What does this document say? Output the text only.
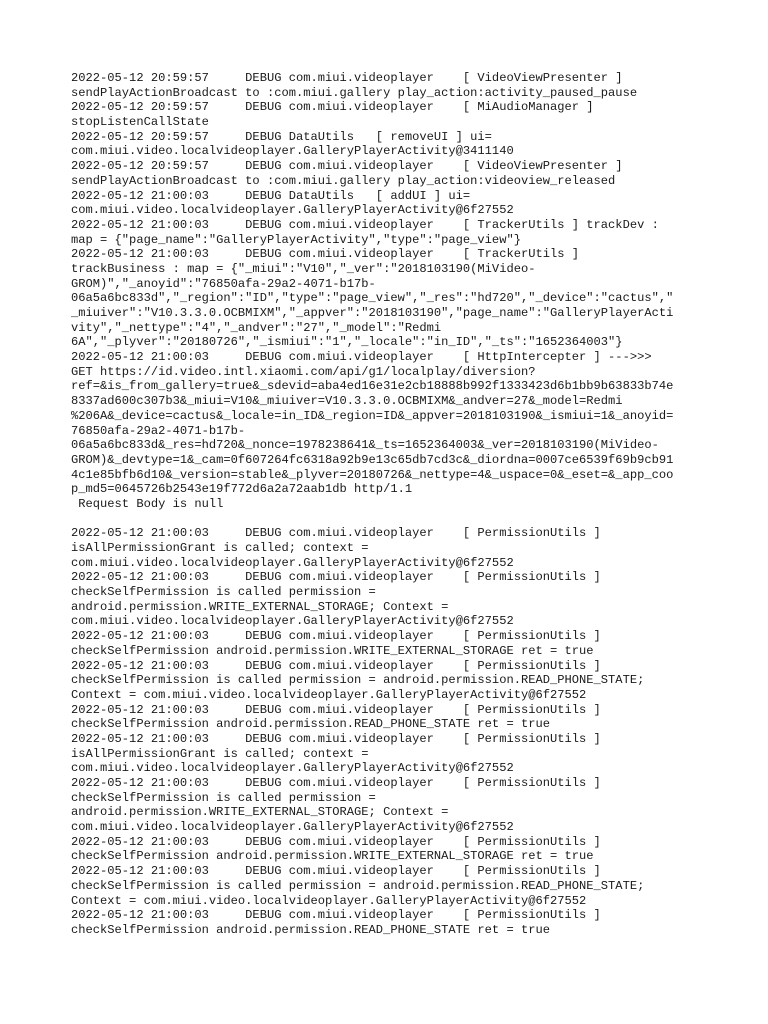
2022-05-12 20:59:57     DEBUG com.miui.videoplayer    [ VideoViewPresenter ]
sendPlayActionBroadcast to :com.miui.gallery play_action:activity_paused_pause
2022-05-12 20:59:57     DEBUG com.miui.videoplayer    [ MiAudioManager ]
stopListenCallState
2022-05-12 20:59:57     DEBUG DataUtils   [ removeUI ] ui=
com.miui.video.localvideoplayer.GalleryPlayerActivity@3411140
2022-05-12 20:59:57     DEBUG com.miui.videoplayer    [ VideoViewPresenter ]
sendPlayActionBroadcast to :com.miui.gallery play_action:videoview_released
2022-05-12 21:00:03     DEBUG DataUtils   [ addUI ] ui=
com.miui.video.localvideoplayer.GalleryPlayerActivity@6f27552
2022-05-12 21:00:03     DEBUG com.miui.videoplayer    [ TrackerUtils ] trackDev :
map = {"page_name":"GalleryPlayerActivity","type":"page_view"}
2022-05-12 21:00:03     DEBUG com.miui.videoplayer    [ TrackerUtils ]
trackBusiness : map = {"_miui":"V10","_ver":"2018103190(MiVideo-
GROM)","_anoyid":"76850afa-29a2-4071-b17b-
06a5a6bc833d","_region":"ID","type":"page_view","_res":"hd720","_device":"cactus","
_miuiver":"V10.3.3.0.OCBMIXM","_appver":"2018103190","page_name":"GalleryPlayerActi
vity","_nettype":"4","_andver":"27","_model":"Redmi
6A","_plyver":"20180726","_ismiui":"1","_locale":"in_ID","_ts":"1652364003"}
2022-05-12 21:00:03     DEBUG com.miui.videoplayer    [ HttpIntercepter ] --->>>
GET https://id.video.intl.xiaomi.com/api/g1/localplay/diversion?
ref=&is_from_gallery=true&_sdevid=aba4ed16e31e2cb18888b992f1333423d6b1bb9b63833b74e
8337ad600c307b3&_miui=V10&_miuiver=V10.3.3.0.OCBMIXM&_andver=27&_model=Redmi
%206A&_device=cactus&_locale=in_ID&_region=ID&_appver=2018103190&_ismiui=1&_anoyid=
76850afa-29a2-4071-b17b-
06a5a6bc833d&_res=hd720&_nonce=1978238641&_ts=1652364003&_ver=2018103190(MiVideo-
GROM)&_devtype=1&_cam=0f607264fc6318a92b9e13c65db7cd3c&_diordna=0007ce6539f69b9cb91
4c1e85bfb6d10&_version=stable&_plyver=20180726&_nettype=4&_uspace=0&_eset=&_app_coo
p_md5=0645726b2543e19f772d6a2a72aab1db http/1.1
Request Body is null
2022-05-12 21:00:03     DEBUG com.miui.videoplayer    [ PermissionUtils ]
isAllPermissionGrant is called; context =
com.miui.video.localvideoplayer.GalleryPlayerActivity@6f27552
2022-05-12 21:00:03     DEBUG com.miui.videoplayer    [ PermissionUtils ]
checkSelfPermission is called permission =
android.permission.WRITE_EXTERNAL_STORAGE; Context =
com.miui.video.localvideoplayer.GalleryPlayerActivity@6f27552
2022-05-12 21:00:03     DEBUG com.miui.videoplayer    [ PermissionUtils ]
checkSelfPermission android.permission.WRITE_EXTERNAL_STORAGE ret = true
2022-05-12 21:00:03     DEBUG com.miui.videoplayer    [ PermissionUtils ]
checkSelfPermission is called permission = android.permission.READ_PHONE_STATE;
Context = com.miui.video.localvideoplayer.GalleryPlayerActivity@6f27552
2022-05-12 21:00:03     DEBUG com.miui.videoplayer    [ PermissionUtils ]
checkSelfPermission android.permission.READ_PHONE_STATE ret = true
2022-05-12 21:00:03     DEBUG com.miui.videoplayer    [ PermissionUtils ]
isAllPermissionGrant is called; context =
com.miui.video.localvideoplayer.GalleryPlayerActivity@6f27552
2022-05-12 21:00:03     DEBUG com.miui.videoplayer    [ PermissionUtils ]
checkSelfPermission is called permission =
android.permission.WRITE_EXTERNAL_STORAGE; Context =
com.miui.video.localvideoplayer.GalleryPlayerActivity@6f27552
2022-05-12 21:00:03     DEBUG com.miui.videoplayer    [ PermissionUtils ]
checkSelfPermission android.permission.WRITE_EXTERNAL_STORAGE ret = true
2022-05-12 21:00:03     DEBUG com.miui.videoplayer    [ PermissionUtils ]
checkSelfPermission is called permission = android.permission.READ_PHONE_STATE;
Context = com.miui.video.localvideoplayer.GalleryPlayerActivity@6f27552
2022-05-12 21:00:03     DEBUG com.miui.videoplayer    [ PermissionUtils ]
checkSelfPermission android.permission.READ_PHONE_STATE ret = true
